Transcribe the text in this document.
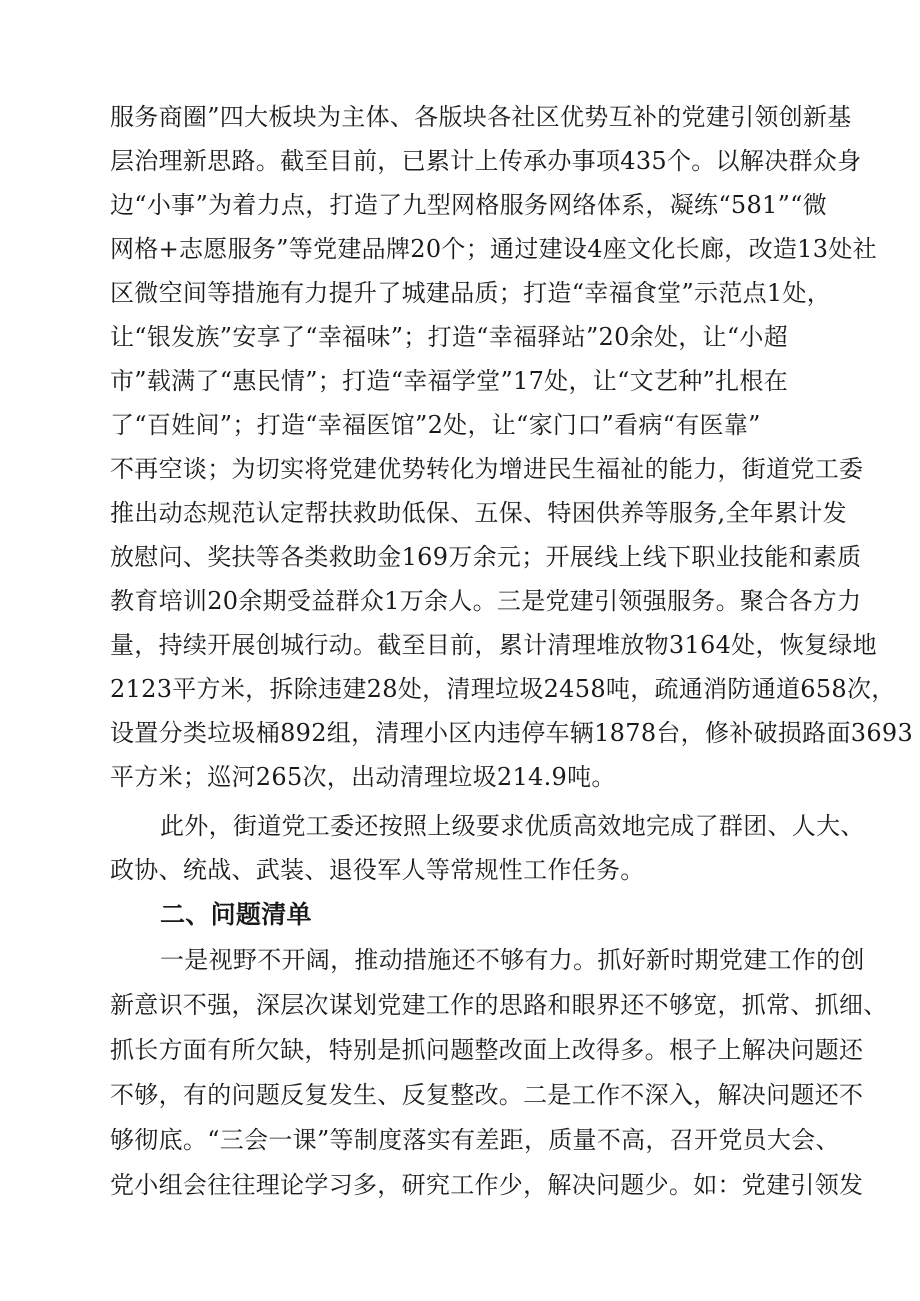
服务商圈”四大板块为主体、各版块各社区优势互补的党建引领创新基
层治理新思路。截至目前，已累计上传承办事项435个。以解决群众身
边“小事”为着力点，打造了九型网格服务网络体系，凝练“581”“微
网格+志愿服务”等党建品牌20个；通过建设4座文化长廊，改造13处社
区微空间等措施有力提升了城建品质；打造“幸福食堂”示范点1处，
让“银发族”安享了“幸福味”；打造“幸福驿站”20余处，让“小超
市”载满了“惠民情”；打造“幸福学堂”17处，让“文艺种”扎根在
了“百姓间”；打造“幸福医馆”2处，让“家门口”看病“有医靠”
不再空谈；为切实将党建优势转化为增进民生福祉的能力，街道党工委
推出动态规范认定帮扶救助低保、五保、特困供养等服务,全年累计发
放慰问、奖扶等各类救助金169万余元；开展线上线下职业技能和素质
教育培训20余期受益群众1万余人。三是党建引领强服务。聚合各方力
量，持续开展创城行动。截至目前，累计清理堆放物3164处，恢复绿地
2123平方米，拆除违建28处，清理垃圾2458吨，疏通消防通道658次，
设置分类垃圾桶892组，清理小区内违停车辆1878台，修补破损路面3693
平方米；巡河265次，出动清理垃圾214.9吨。
此外，街道党工委还按照上级要求优质高效地完成了群团、人大、
政协、统战、武装、退役军人等常规性工作任务。
二、问题清单
一是视野不开阔，推动措施还不够有力。抓好新时期党建工作的创
新意识不强，深层次谋划党建工作的思路和眼界还不够宽，抓常、抓细、
抓长方面有所欠缺，特别是抓问题整改面上改得多。根子上解决问题还
不够，有的问题反复发生、反复整改。二是工作不深入，解决问题还不
够彻底。“三会一课”等制度落实有差距，质量不高，召开党员大会、
党小组会往往理论学习多，研究工作少，解决问题少。如：党建引领发
